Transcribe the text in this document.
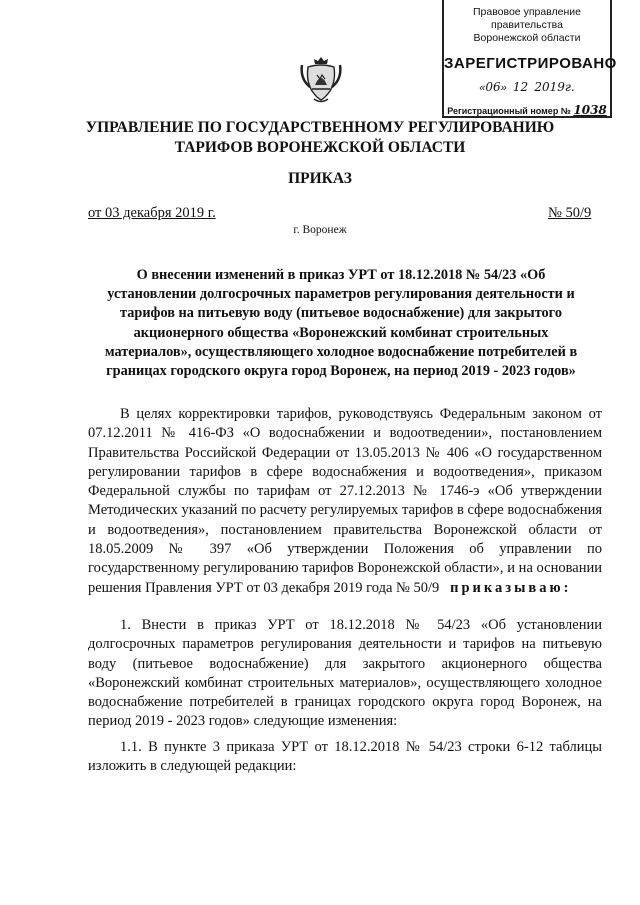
Правовое управление правительства
Воронежской области
ЗАРЕГИСТРИРОВАНО
«06»  12 2019г.
Регистрационный номер № 1038
УПРАВЛЕНИЕ ПО ГОСУДАРСТВЕННОМУ РЕГУЛИРОВАНИЮ
ТАРИФОВ ВОРОНЕЖСКОЙ ОБЛАСТИ
ПРИКАЗ
от 03 декабря 2019 г.	№ 50/9
г. Воронеж
О внесении изменений в приказ УРТ от 18.12.2018 № 54/23 «Об установлении долгосрочных параметров регулирования деятельности и тарифов на питьевую воду (питьевое водоснабжение) для закрытого акционерного общества «Воронежский комбинат строительных материалов», осуществляющего холодное водоснабжение потребителей в границах городского округа город Воронеж, на период 2019 - 2023 годов»
В целях корректировки тарифов, руководствуясь Федеральным законом от 07.12.2011 № 416-ФЗ «О водоснабжении и водоотведении», постановлением Правительства Российской Федерации от 13.05.2013 № 406 «О государственном регулировании тарифов в сфере водоснабжения и водоотведения», приказом Федеральной службы по тарифам от 27.12.2013 № 1746-э «Об утверждении Методических указаний по расчету регулируемых тарифов в сфере водоснабжения и водоотведения», постановлением правительства Воронежской области от 18.05.2009 № 397 «Об утверждении Положения об управлении по государственному регулированию тарифов Воронежской области», и на основании решения Правления УРТ от 03 декабря 2019 года № 50/9 приказываю:
1. Внести в приказ УРТ от 18.12.2018 № 54/23 «Об установлении долгосрочных параметров регулирования деятельности и тарифов на питьевую воду (питьевое водоснабжение) для закрытого акционерного общества «Воронежский комбинат строительных материалов», осуществляющего холодное водоснабжение потребителей в границах городского округа город Воронеж, на период 2019 - 2023 годов» следующие изменения:
1.1. В пункте 3 приказа УРТ от 18.12.2018 № 54/23 строки 6-12 таблицы изложить в следующей редакции:
